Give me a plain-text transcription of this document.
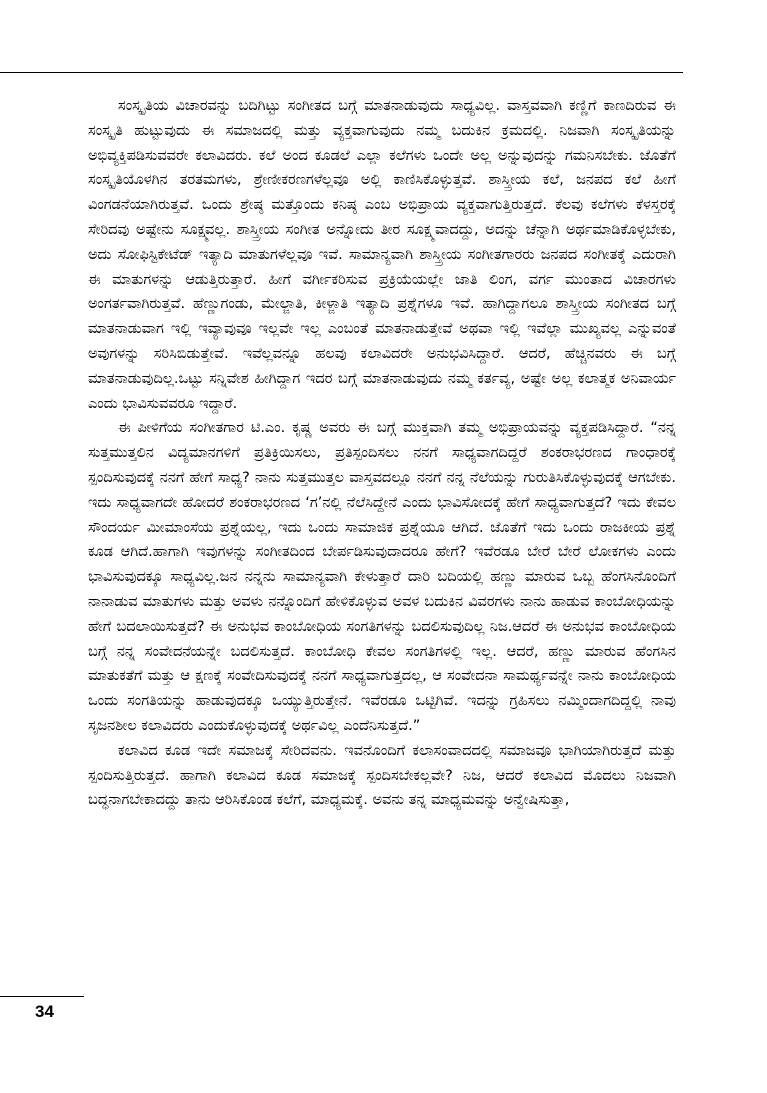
ಸಂಸ್ಕೃತಿಯ ವಿಚಾರವನ್ನು ಬದಿಗಿಟ್ಟು ಸಂಗೀತದ ಬಗ್ಗೆ ಮಾತನಾಡುವುದು ಸಾಧ್ಯವಿಲ್ಲ. ವಾಸ್ತವವಾಗಿ ಕಣ್ಣಿಗೆ ಕಾಣದಿರುವ ಈ ಸಂಸ್ಕೃತಿ ಹುಟ್ಟುವುದು ಈ ಸಮಾಜದಲ್ಲಿ ಮತ್ತು ವ್ಯಕ್ತವಾಗುವುದು ನಮ್ಮ ಬದುಕಿನ ಕ್ರಮದಲ್ಲಿ. ನಿಜವಾಗಿ ಸಂಸ್ಕೃತಿಯನ್ನು ಅಭಿವ್ಯಕ್ತಿಪಡಿಸುವವರೇ ಕಲಾವಿದರು. ಕಲೆ ಅಂದ ಕೂಡಲೆ ಎಲ್ಲಾ ಕಲೆಗಳು ಒಂದೇ ಅಲ್ಲ ಅನ್ನುವುದನ್ನು ಗಮನಿಸಬೇಕು. ಜೊತೆಗೆ ಸಂಸ್ಕೃತಿಯೊಳಗಿನ ತರತಮಗಳು, ಶ್ರೇಣೀಕರಣಗಳೆಲ್ಲವೂ ಅಲ್ಲಿ ಕಾಣಿಸಿಕೊಳ್ಳುತ್ತವೆ. ಶಾಸ್ತ್ರೀಯ ಕಲೆ, ಜನಪದ ಕಲೆ ಹೀಗೆ ವಿಂಗಡನೆಯಾಗಿರುತ್ತವೆ. ಒಂದು ಶ್ರೇಷ್ಠ ಮತ್ತೊಂದು ಕನಿಷ್ಠ ಎಂಬ ಅಭಿಪ್ರಾಯ ವ್ಯಕ್ತವಾಗುತ್ತಿರುತ್ತದೆ. ಕೆಲವು ಕಲೆಗಳು ಕೆಳಸ್ತರಕ್ಕೆ ಸೇರಿದವು ಅಷ್ಟೇನು ಸೂಕ್ಷ್ಮವಲ್ಲ. ಶಾಸ್ತ್ರೀಯ ಸಂಗೀತ ಅನ್ನೋದು ತೀರ ಸೂಕ್ಷ್ಮವಾದದ್ದು, ಅದನ್ನು ಚೆನ್ನಾಗಿ ಅರ್ಥಮಾಡಿಕೊಳ್ಳಬೇಕು, ಅದು ಸೋಫಿಸ್ಟಿಕೇಟೆಡ್ ಇತ್ಯಾದಿ ಮಾತುಗಳೆಲ್ಲವೂ ಇವೆ. ಸಾಮಾನ್ಯವಾಗಿ ಶಾಸ್ತ್ರೀಯ ಸಂಗೀತಗಾರರು ಜನಪದ ಸಂಗೀತಕ್ಕೆ ಎದುರಾಗಿ ಈ ಮಾತುಗಳನ್ನು ಆಡುತ್ತಿರುತ್ತಾರೆ. ಹೀಗೆ ವರ್ಗೀಕರಿಸುವ ಪ್ರಕ್ರಿಯೆಯಲ್ಲೇ ಜಾತಿ ಲಿಂಗ, ವರ್ಗ ಮುಂತಾದ ವಿಚಾರಗಳು ಅಂಗರ್ತವಾಗಿರುತ್ತವೆ. ಹೆಣ್ಣುಗಂಡು, ಮೇಲ್ಜಾತಿ, ಕೀಳ್ಜಾತಿ ಇತ್ಯಾದಿ ಪ್ರಶ್ನೆಗಳೂ ಇವೆ. ಹಾಗಿದ್ದಾಗಲೂ ಶಾಸ್ತ್ರೀಯ ಸಂಗೀತದ ಬಗ್ಗೆ ಮಾತನಾಡುವಾಗ ಇಲ್ಲಿ ಇವ್ಯಾವುವೂ ಇಲ್ಲವೇ ಇಲ್ಲ ಎಂಬಂತೆ ಮಾತನಾಡುತ್ತೇವೆ ಅಥವಾ ಇಲ್ಲಿ ಇವೆಲ್ಲಾ ಮುಖ್ಯವಲ್ಲ ಎನ್ನುವಂತೆ ಅವುಗಳನ್ನು ಸರಿಸಿಬಿಡುತ್ತೇವೆ. ಇವೆಲ್ಲವನ್ನೂ ಹಲವು ಕಲಾವಿದರೇ ಅನುಭವಿಸಿದ್ದಾರೆ. ಆದರೆ, ಹೆಚ್ಚಿನವರು ಈ ಬಗ್ಗೆ ಮಾತನಾಡುವುದಿಲ್ಲ.ಒಟ್ಟು ಸನ್ನಿವೇಶ ಹೀಗಿದ್ದಾಗ ಇದರ ಬಗ್ಗೆ ಮಾತನಾಡುವುದು ನಮ್ಮ ಕರ್ತವ್ಯ, ಅಷ್ಟೇ ಅಲ್ಲ ಕಲಾತ್ಮಕ ಅನಿವಾರ್ಯ ಎಂದು ಭಾವಿಸುವವರೂ ಇದ್ದಾರೆ.

ಈ ಪೀಳಿಗೆಯ ಸಂಗೀತಗಾರ ಟಿ.ಎಂ. ಕೃಷ್ಣ ಅವರು ಈ ಬಗ್ಗೆ ಮುಕ್ತವಾಗಿ ತಮ್ಮ ಅಭಿಪ್ರಾಯವನ್ನು ವ್ಯಕ್ತಪಡಿಸಿದ್ದಾರೆ. “ನನ್ನ ಸುತ್ತಮುತ್ತಲಿನ ವಿದ್ಯಮಾನಗಳಿಗೆ ಪ್ರತಿಕ್ರಿಯಿಸಲು, ಪ್ರತಿಸ್ಪಂದಿಸಲು ನನಗೆ ಸಾಧ್ಯವಾಗದಿದ್ದರೆ ಶಂಕರಾಭರಣದ ಗಾಂಧಾರಕ್ಕೆ ಸ್ಪಂದಿಸುವುದಕ್ಕೆ ನನಗೆ ಹೇಗೆ ಸಾಧ್ಯ? ನಾನು ಸುತ್ತಮುತ್ತಲ ವಾಸ್ತವದಲ್ಲೂ ನನಗೆ ನನ್ನ ನೆಲೆಯನ್ನು ಗುರುತಿಸಿಕೊಳ್ಳುವುದಕ್ಕೆ ಆಗಬೇಕು. ಇದು ಸಾಧ್ಯವಾಗದೇ ಹೋದರೆ ಶಂಕರಾಭರಣದ ‘ಗ’ನಲ್ಲಿ ನೆಲೆಸಿದ್ದೇನೆ ಎಂದು ಭಾವಿಸೋದಕ್ಕೆ ಹೇಗೆ ಸಾಧ್ಯವಾಗುತ್ತದೆ? ಇದು ಕೇವಲ ಸೌಂದರ್ಯ ಮೀಮಾಂಸೆಯ ಪ್ರಶ್ನೆಯಲ್ಲ, ಇದು ಒಂದು ಸಾಮಾಜಿಕ ಪ್ರಶ್ನೆಯೂ ಆಗಿದೆ. ಜೊತೆಗೆ ಇದು ಒಂದು ರಾಜಕೀಯ ಪ್ರಶ್ನೆ ಕೂಡ ಆಗಿದೆ.ಹಾಗಾಗಿ ಇವುಗಳನ್ನು ಸಂಗೀತದಿಂದ ಬೇರ್ಪಡಿಸುವುದಾದರೂ ಹೇಗೆ? ಇವೆರಡೂ ಬೇರೆ ಬೇರೆ ಲೋಕಗಳು ಎಂದು ಭಾವಿಸುವುದಕ್ಕೂ ಸಾಧ್ಯವಿಲ್ಲ.ಜನ ನನ್ನನು ಸಾಮಾನ್ಯವಾಗಿ ಕೇಳುತ್ತಾರೆ ದಾರಿ ಬದಿಯಲ್ಲಿ ಹಣ್ಣು ಮಾರುವ ಒಬ್ಬ ಹೆಂಗಸಿನೊಂದಿಗೆ ನಾನಾಡುವ ಮಾತುಗಳು ಮತ್ತು ಅವಳು ನನ್ನೊಂದಿಗೆ ಹೇಳಿಕೊಳ್ಳುವ ಅವಳ ಬದುಕಿನ ವಿವರಗಳು ನಾನು ಹಾಡುವ ಕಾಂಬೋಧಿಯನ್ನು ಹೇಗೆ ಬದಲಾಯಿಸುತ್ತದೆ? ಈ ಅನುಭವ ಕಾಂಬೋಧಿಯ ಸಂಗತಿಗಳನ್ನು ಬದಲಿಸುವುದಿಲ್ಲ ನಿಜ.ಆದರೆ ಈ ಅನುಭವ ಕಾಂಬೋಧಿಯ ಬಗ್ಗೆ ನನ್ನ ಸಂವೇದನೆಯನ್ನೇ ಬದಲಿಸುತ್ತದೆ. ಕಾಂಬೋಧಿ ಕೇವಲ ಸಂಗತಿಗಳಲ್ಲಿ ಇಲ್ಲ. ಆದರೆ, ಹಣ್ಣು ಮಾರುವ ಹೆಂಗಸಿನ ಮಾತುಕತೆಗೆ ಮತ್ತು ಆ ಕ್ಷಣಕ್ಕೆ ಸಂವೇದಿಸುವುದಕ್ಕೆ ನನಗೆ ಸಾಧ್ಯವಾಗುತ್ತದಲ್ಲ, ಆ ಸಂವೇದನಾ ಸಾಮರ್ಥ್ಯವನ್ನೇ ನಾನು ಕಾಂಬೋಧಿಯ ಒಂದು ಸಂಗತಿಯನ್ನು ಹಾಡುವುದಕ್ಕೂ ಒಯ್ಯುತ್ತಿರುತ್ತೇನೆ. ಇವೆರಡೂ ಒಟ್ಟಿಗಿವೆ. ಇದನ್ನು ಗ್ರಹಿಸಲು ನಮ್ಮಿಂದಾಗದಿದ್ದಲ್ಲಿ ನಾವು ಸೃಜನಶೀಲ ಕಲಾವಿದರು ಎಂದುಕೊಳ್ಳುವುದಕ್ಕೆ ಅರ್ಥವಿಲ್ಲ ಎಂದೆನಿಸುತ್ತದೆ.”

ಕಲಾವಿದ ಕೂಡ ಇದೇ ಸಮಾಜಕ್ಕೆ ಸೇರಿದವನು. ಇವನೊಂದಿಗೆ ಕಲಾಸಂವಾದದಲ್ಲಿ ಸಮಾಜವೂ ಭಾಗಿಯಾಗಿರುತ್ತದೆ ಮತ್ತು ಸ್ಪಂದಿಸುತ್ತಿರುತ್ತದೆ. ಹಾಗಾಗಿ ಕಲಾವಿದ ಕೂಡ ಸಮಾಜಕ್ಕೆ ಸ್ಪಂದಿಸಬೇಕಲ್ಲವೇ? ನಿಜ, ಆದರೆ ಕಲಾವಿದ ಮೊದಲು ನಿಜವಾಗಿ ಬದ್ಧನಾಗಬೇಕಾದದ್ದು ತಾನು ಆರಿಸಿಕೊಂಡ ಕಲೆಗೆ, ಮಾಧ್ಯಮಕ್ಕೆ. ಅವನು ತನ್ನ ಮಾಧ್ಯಮವನ್ನು ಅನ್ವೇಷಿಸುತ್ತಾ,

34
